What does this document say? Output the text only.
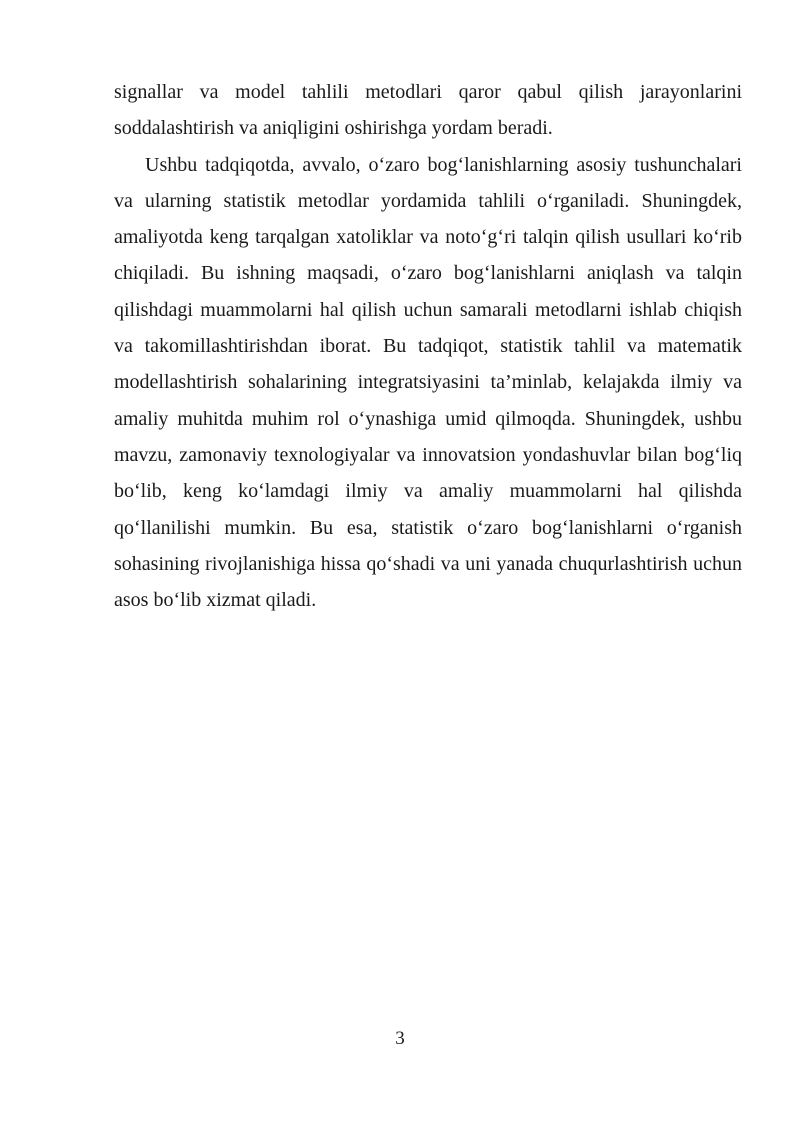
signallar va model tahlili metodlari qaror qabul qilish jarayonlarini soddalashtirish va aniqligini oshirishga yordam beradi.

Ushbu tadqiqotda, avvalo, o‘zaro bog‘lanishlarning asosiy tushunchalari va ularning statistik metodlar yordamida tahlili o‘rganiladi. Shuningdek, amaliyotda keng tarqalgan xatoliklar va noto‘g‘ri talqin qilish usullari ko‘rib chiqiladi. Bu ishning maqsadi, o‘zaro bog‘lanishlarni aniqlash va talqin qilishdagi muammolarni hal qilish uchun samarali metodlarni ishlab chiqish va takomillashtirishdan iborat. Bu tadqiqot, statistik tahlil va matematik modellashtirish sohalarining integratsiyasini ta’minlab, kelajakda ilmiy va amaliy muhitda muhim rol o‘ynashiga umid qilmoqda. Shuningdek, ushbu mavzu, zamonaviy texnologiyalar va innovatsion yondashuvlar bilan bog‘liq bo‘lib, keng ko‘lamdagi ilmiy va amaliy muammolarni hal qilishda qo‘llanilishi mumkin. Bu esa, statistik o‘zaro bog‘lanishlarni o‘rganish sohasining rivojlanishiga hissa qo‘shadi va uni yanada chuqurlashtirish uchun asos bo‘lib xizmat qiladi.

3
